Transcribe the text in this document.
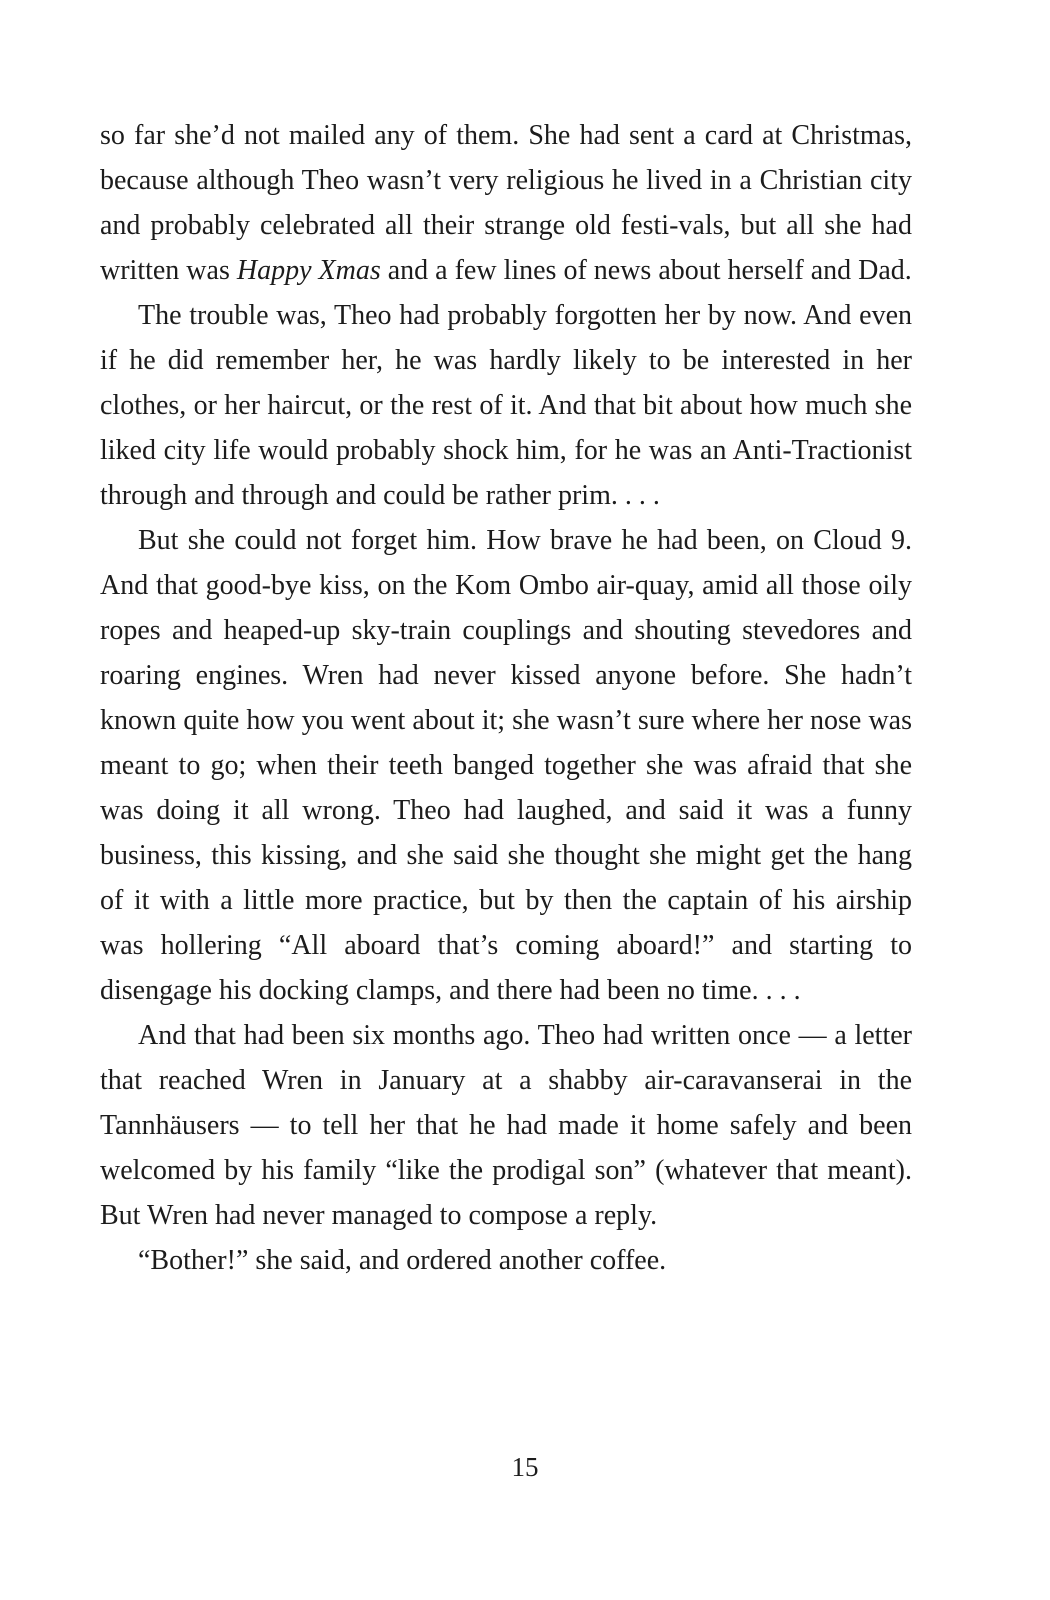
so far she’d not mailed any of them. She had sent a card at Christmas, because although Theo wasn’t very religious he lived in a Christian city and probably celebrated all their strange old festi-vals, but all she had written was Happy Xmas and a few lines of news about herself and Dad.

The trouble was, Theo had probably forgotten her by now. And even if he did remember her, he was hardly likely to be interested in her clothes, or her haircut, or the rest of it. And that bit about how much she liked city life would probably shock him, for he was an Anti-Tractionist through and through and could be rather prim. . . .

But she could not forget him. How brave he had been, on Cloud 9. And that good-bye kiss, on the Kom Ombo air-quay, amid all those oily ropes and heaped-up sky-train couplings and shouting stevedores and roaring engines. Wren had never kissed anyone before. She hadn’t known quite how you went about it; she wasn’t sure where her nose was meant to go; when their teeth banged together she was afraid that she was doing it all wrong. Theo had laughed, and said it was a funny business, this kissing, and she said she thought she might get the hang of it with a little more practice, but by then the captain of his airship was hollering “All aboard that’s coming aboard!” and starting to disengage his docking clamps, and there had been no time. . . .

And that had been six months ago. Theo had written once — a letter that reached Wren in January at a shabby air-caravanserai in the Tannhäusers — to tell her that he had made it home safely and been welcomed by his family “like the prodigal son” (whatever that meant). But Wren had never managed to compose a reply.

“Bother!” she said, and ordered another coffee.

15
